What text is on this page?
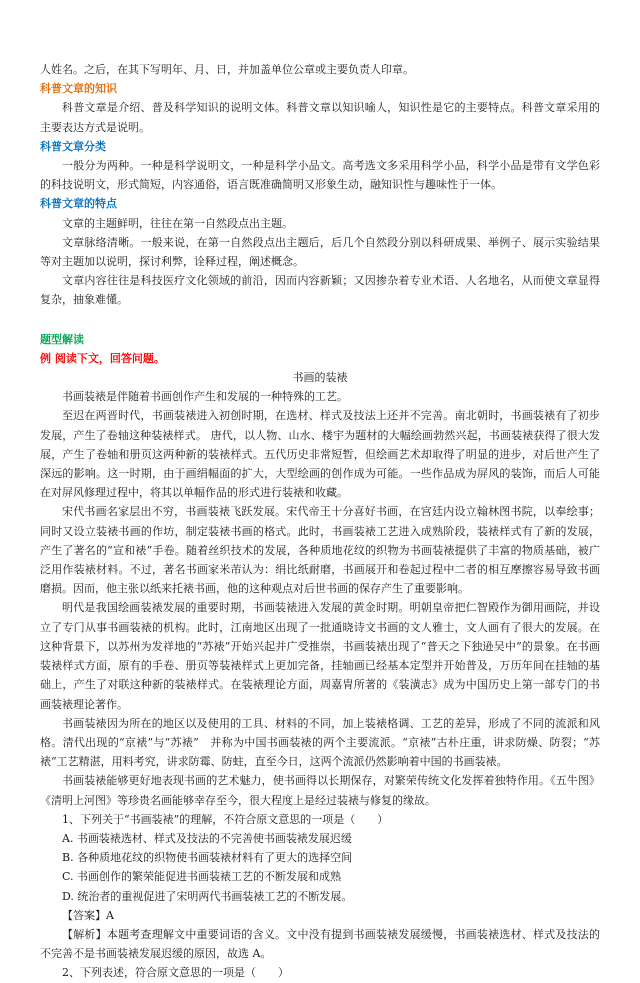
人姓名。之后，在其下写明年、月、日，并加盖单位公章或主要负责人印章。

科普文章的知识

科普文章是介绍、普及科学知识的说明文体。科普文章以知识喻人，知识性是它的主要特点。科普文章采用的主要表达方式是说明。

科普文章分类

一般分为两种。一种是科学说明文，一种是科学小品文。高考选文多采用科学小品，科学小品是带有文学色彩的科技说明文，形式简短，内容通俗，语言既准确简明又形象生动，融知识性与趣味性于一体。

科普文章的特点

文章的主题鲜明，往往在第一自然段点出主题。

文章脉络清晰。一般来说，在第一自然段点出主题后，后几个自然段分别以科研成果、举例子、展示实验结果等对主题加以说明，探讨利弊，诠释过程，阐述概念。

文章内容往往是科技医疗文化领域的前沿，因而内容新颖；又因掺杂着专业术语、人名地名，从而使文章显得复杂，抽象难懂。

题型解读

例 阅读下文，回答问题。

书画的装裱

书画装裱是伴随着书画创作产生和发展的一种特殊的工艺。

至迟在两晋时代，书画装裱进入初创时期，在选材、样式及技法上还并不完善。南北朝时，书画装裱有了初步发展，产生了卷轴这种装裱样式。 唐代，以人物、山水、楼宇为题材的大幅绘画勃然兴起，书画装裱获得了很大发展，产生了卷轴和册页这两种新的装裱样式。五代历史非常短暂，但绘画艺术却取得了明显的进步，对后世产生了深远的影响。这一时期，由于画绢幅面的扩大，大型绘画的创作成为可能。一些作品成为屏风的装饰，而后人可能在对屏风修理过程中，将其以单幅作品的形式进行装裱和收藏。

宋代书画名家层出不穷，书画装裱飞跃发展。宋代帝王十分喜好书画，在宫廷内设立翰林图书院，以奉绘事；同时又设立装裱书画的作坊，制定装裱书画的格式。此时，书画装裱工艺进入成熟阶段，装裱样式有了新的发展，产生了著名的“宣和裱”手卷。随着丝织技术的发展，各种质地花纹的织物为书画装裱提供了丰富的物质基础，被广泛用作装裱材料。不过，著名书画家米芾认为：绢比纸耐磨，书画展开和卷起过程中二者的相互摩擦容易导致书画磨损。因而，他主张以纸来托裱书画，他的这种观点对后世书画的保存产生了重要影响。

明代是我国绘画装裱发展的重要时期，书画装裱进入发展的黄金时期。明朝皇帝把仁智殿作为御用画院，并设立了专门从事书画装裱的机构。此时，江南地区出现了一批通晓诗文书画的文人雅士，文人画有了很大的发展。在这种背景下，以苏州为发祥地的“苏裱”开始兴起并广受推崇，书画装裱出现了“普天之下独逊吴中”的景象。在书画装裱样式方面，原有的手卷、册页等装裱样式上更加完备，挂轴画已经基本定型并开始普及，万历年间在挂轴的基础上，产生了对联这种新的装裱样式。在装裱理论方面，周嘉胄所著的《装潢志》成为中国历史上第一部专门的书画装裱理论著作。

书画装裱因为所在的地区以及使用的工具、材料的不同，加上装裱格调、工艺的差异，形成了不同的流派和风格。清代出现的“京裱”与“苏裱”　并称为中国书画装裱的两个主要流派。“京裱”古朴庄重，讲求防燥、防裂；“苏裱“工艺精湛，用料考究，讲求防霉、防蛀，直至今日，这两个流派仍然影响着中国的书画装裱。

书画装裱能够更好地表现书画的艺术魅力，使书画得以长期保存，对繁荣传统文化发挥着独特作用。《五牛图》《清明上河图》等珍贵名画能够幸存至今，很大程度上是经过装裱与修复的缘故。

1、下列关于“书画装裱”的理解，不符合原文意思的一项是（　　）

A. 书画装裱选材、样式及技法的不完善使书画装裱发展迟缓

B. 各种质地花纹的织物使书画装裱材料有了更大的选择空间

C. 书画创作的繁荣能促进书画装裱工艺的不断发展和成熟

D. 统治者的重视促进了宋明两代书画装裱工艺的不断发展。

【答案】A

【解析】本题考查理解文中重要词语的含义。文中没有提到书画装裱发展缓慢，书画装裱选材、样式及技法的不完善不是书画装裱发展迟缓的原因，故选 A。

2、下列表述，符合原文意思的一项是（　　）
